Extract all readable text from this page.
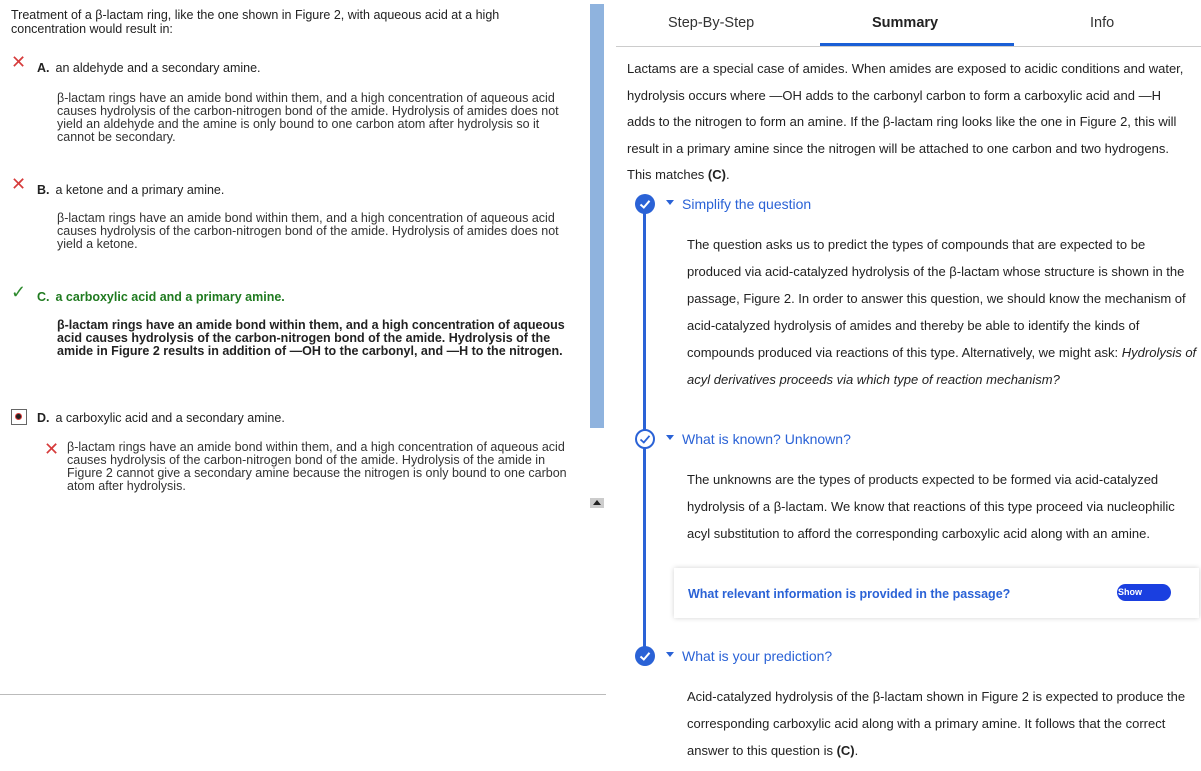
Treatment of a β-lactam ring, like the one shown in Figure 2, with aqueous acid at a high concentration would result in:
✕ A. an aldehyde and a secondary amine.
β-lactam rings have an amide bond within them, and a high concentration of aqueous acid causes hydrolysis of the carbon-nitrogen bond of the amide. Hydrolysis of amides does not yield an aldehyde and the amine is only bound to one carbon atom after hydrolysis so it cannot be secondary.
✕ B. a ketone and a primary amine.
β-lactam rings have an amide bond within them, and a high concentration of aqueous acid causes hydrolysis of the carbon-nitrogen bond of the amide. Hydrolysis of amides does not yield a ketone.
✓ C. a carboxylic acid and a primary amine.
β-lactam rings have an amide bond within them, and a high concentration of aqueous acid causes hydrolysis of the carbon-nitrogen bond of the amide. Hydrolysis of the amide in Figure 2 results in addition of —OH to the carbonyl, and —H to the nitrogen.
D. a carboxylic acid and a secondary amine.
✕ β-lactam rings have an amide bond within them, and a high concentration of aqueous acid causes hydrolysis of the carbon-nitrogen bond of the amide. Hydrolysis of the amide in Figure 2 cannot give a secondary amine because the nitrogen is only bound to one carbon atom after hydrolysis.
Step-By-Step	Summary	Info
Lactams are a special case of amides. When amides are exposed to acidic conditions and water, hydrolysis occurs where —OH adds to the carbonyl carbon to form a carboxylic acid and —H adds to the nitrogen to form an amine. If the β-lactam ring looks like the one in Figure 2, this will result in a primary amine since the nitrogen will be attached to one carbon and two hydrogens. This matches (C).
Simplify the question
The question asks us to predict the types of compounds that are expected to be produced via acid-catalyzed hydrolysis of the β-lactam whose structure is shown in the passage, Figure 2. In order to answer this question, we should know the mechanism of acid-catalyzed hydrolysis of amides and thereby be able to identify the kinds of compounds produced via reactions of this type. Alternatively, we might ask: Hydrolysis of acyl derivatives proceeds via which type of reaction mechanism?
What is known? Unknown?
The unknowns are the types of products expected to be formed via acid-catalyzed hydrolysis of a β-lactam. We know that reactions of this type proceed via nucleophilic acyl substitution to afford the corresponding carboxylic acid along with an amine.
What relevant information is provided in the passage?	Show
What is your prediction?
Acid-catalyzed hydrolysis of the β-lactam shown in Figure 2 is expected to produce the corresponding carboxylic acid along with a primary amine. It follows that the correct answer to this question is (C).
